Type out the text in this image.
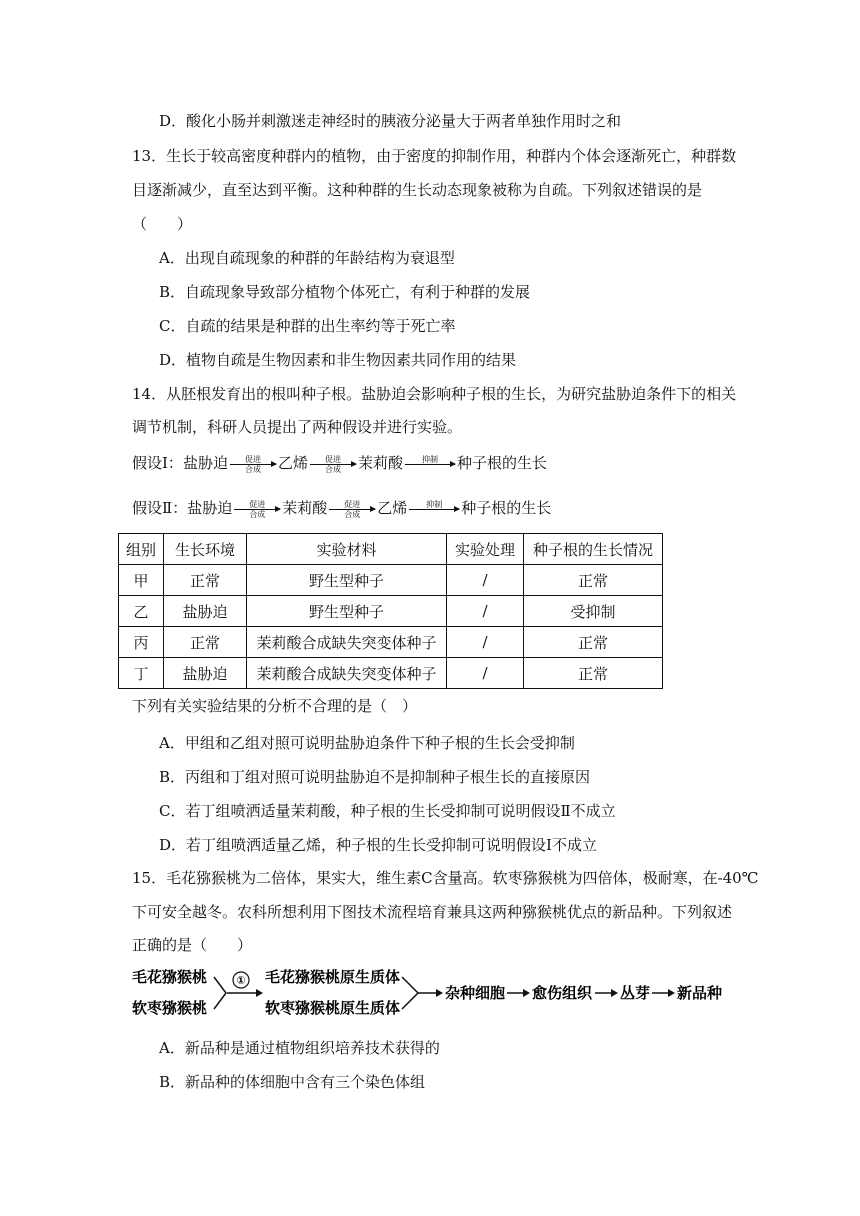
D．酸化小肠并刺激迷走神经时的胰液分泌量大于两者单独作用时之和
13．生长于较高密度种群内的植物，由于密度的抑制作用，种群内个体会逐渐死亡，种群数
目逐渐减少，直至达到平衡。这种种群的生长动态现象被称为自疏。下列叙述错误的是
（　　）
A．出现自疏现象的种群的年龄结构为衰退型
B．自疏现象导致部分植物个体死亡，有利于种群的发展
C．自疏的结果是种群的出生率约等于死亡率
D．植物自疏是生物因素和非生物因素共同作用的结果
14．从胚根发育出的根叫种子根。盐胁迫会影响种子根的生长，为研究盐胁迫条件下的相关
调节机制，科研人员提出了两种假设并进行实验。
假设Ⅰ： 盐胁迫 促进
合成 乙烯 促进
合成 茉莉酸 抑制 种子根的生长
假设Ⅱ： 盐胁迫 促进
合成 茉莉酸 促进
合成 乙烯 抑制 种子根的生长
组别	生长环境	实验材料	实验处理	种子根的生长情况
甲	正常	野生型种子	/	正常
乙	盐胁迫	野生型种子	/	受抑制
丙	正常	茉莉酸合成缺失突变体种子	/	正常
丁	盐胁迫	茉莉酸合成缺失突变体种子	/	正常
下列有关实验结果的分析不合理的是（　）
A．甲组和乙组对照可说明盐胁迫条件下种子根的生长会受抑制
B．丙组和丁组对照可说明盐胁迫不是抑制种子根生长的直接原因
C．若丁组喷洒适量茉莉酸，种子根的生长受抑制可说明假设Ⅱ不成立
D．若丁组喷洒适量乙烯，种子根的生长受抑制可说明假设I不成立
15．毛花猕猴桃为二倍体，果实大，维生素C含量高。软枣猕猴桃为四倍体，极耐寒，在-40℃
下可安全越冬。农科所想利用下图技术流程培育兼具这两种猕猴桃优点的新品种。下列叙述
正确的是（　　）
毛花猕猴桃
软枣猕猴桃
① 毛花猕猴桃原生质体
软枣猕猴桃原生质体
杂种细胞 愈伤组织 丛芽 新品种
A．新品种是通过植物组织培养技术获得的
B．新品种的体细胞中含有三个染色体组
